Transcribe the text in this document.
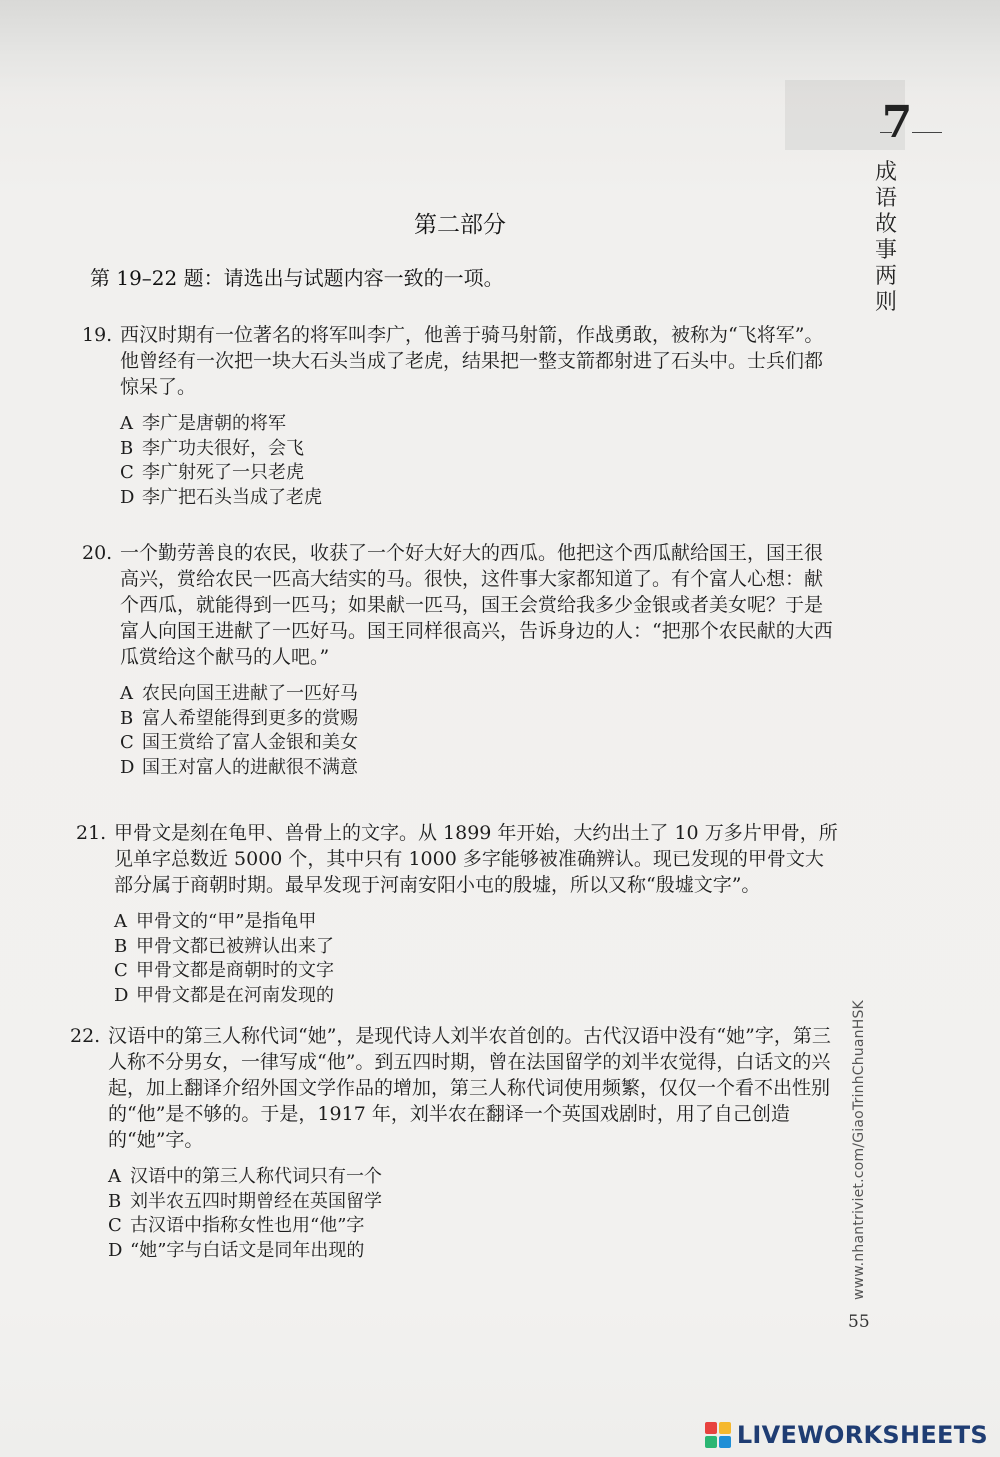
7
成语故事两则
第二部分
第 19–22 题：请选出与试题内容一致的一项。
19. 西汉时期有一位著名的将军叫李广，他善于骑马射箭，作战勇敢，被称为“飞将军”。他曾经有一次把一块大石头当成了老虎，结果把一整支箭都射进了石头中。士兵们都惊呆了。
A 李广是唐朝的将军
B 李广功夫很好，会飞
C 李广射死了一只老虎
D 李广把石头当成了老虎
20. 一个勤劳善良的农民，收获了一个好大好大的西瓜。他把这个西瓜献给国王，国王很高兴，赏给农民一匹高大结实的马。很快，这件事大家都知道了。有个富人心想：献个西瓜，就能得到一匹马；如果献一匹马，国王会赏给我多少金银或者美女呢？于是富人向国王进献了一匹好马。国王同样很高兴，告诉身边的人：“把那个农民献的大西瓜赏给这个献马的人吧。”
A 农民向国王进献了一匹好马
B 富人希望能得到更多的赏赐
C 国王赏给了富人金银和美女
D 国王对富人的进献很不满意
21. 甲骨文是刻在龟甲、兽骨上的文字。从 1899 年开始，大约出土了 10 万多片甲骨，所见单字总数近 5000 个，其中只有 1000 多字能够被准确辨认。现已发现的甲骨文大部分属于商朝时期。最早发现于河南安阳小屯的殷墟，所以又称“殷墟文字”。
A 甲骨文的“甲”是指龟甲
B 甲骨文都已被辨认出来了
C 甲骨文都是商朝时的文字
D 甲骨文都是在河南发现的
22. 汉语中的第三人称代词“她”，是现代诗人刘半农首创的。古代汉语中没有“她”字，第三人称不分男女，一律写成“他”。到五四时期，曾在法国留学的刘半农觉得，白话文的兴起，加上翻译介绍外国文学作品的增加，第三人称代词使用频繁，仅仅一个看不出性别的“他”是不够的。于是，1917 年，刘半农在翻译一个英国戏剧时，用了自己创造的“她”字。
A 汉语中的第三人称代词只有一个
B 刘半农五四时期曾经在英国留学
C 古汉语中指称女性也用“他”字
D “她”字与白话文是同年出现的	www.nhantriviet.com/GiaoTrinhChuanHSK
55
LIVEWORKSHEETS
